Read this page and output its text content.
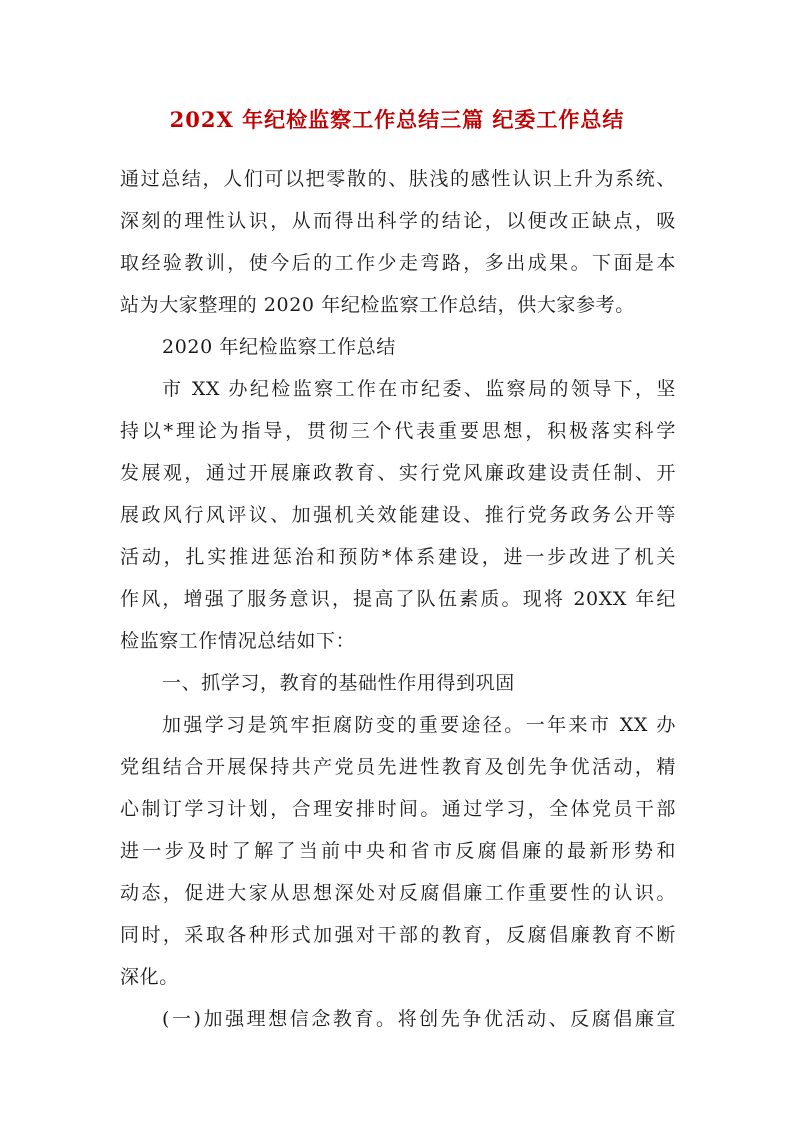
202X 年纪检监察工作总结三篇 纪委工作总结
通过总结，人们可以把零散的、肤浅的感性认识上升为系统、
深刻的理性认识，从而得出科学的结论，以便改正缺点，吸
取经验教训，使今后的工作少走弯路，多出成果。下面是本
站为大家整理的 2020 年纪检监察工作总结，供大家参考。
2020 年纪检监察工作总结
市 XX 办纪检监察工作在市纪委、监察局的领导下，坚
持以*理论为指导，贯彻三个代表重要思想，积极落实科学
发展观，通过开展廉政教育、实行党风廉政建设责任制、开
展政风行风评议、加强机关效能建设、推行党务政务公开等
活动，扎实推进惩治和预防*体系建设，进一步改进了机关
作风，增强了服务意识，提高了队伍素质。现将 20XX 年纪
检监察工作情况总结如下：
一、抓学习，教育的基础性作用得到巩固
加强学习是筑牢拒腐防变的重要途径。一年来市 XX 办
党组结合开展保持共产党员先进性教育及创先争优活动，精
心制订学习计划，合理安排时间。通过学习，全体党员干部
进一步及时了解了当前中央和省市反腐倡廉的最新形势和
动态，促进大家从思想深处对反腐倡廉工作重要性的认识。
同时，采取各种形式加强对干部的教育，反腐倡廉教育不断
深化。
(一)加强理想信念教育。将创先争优活动、反腐倡廉宣
